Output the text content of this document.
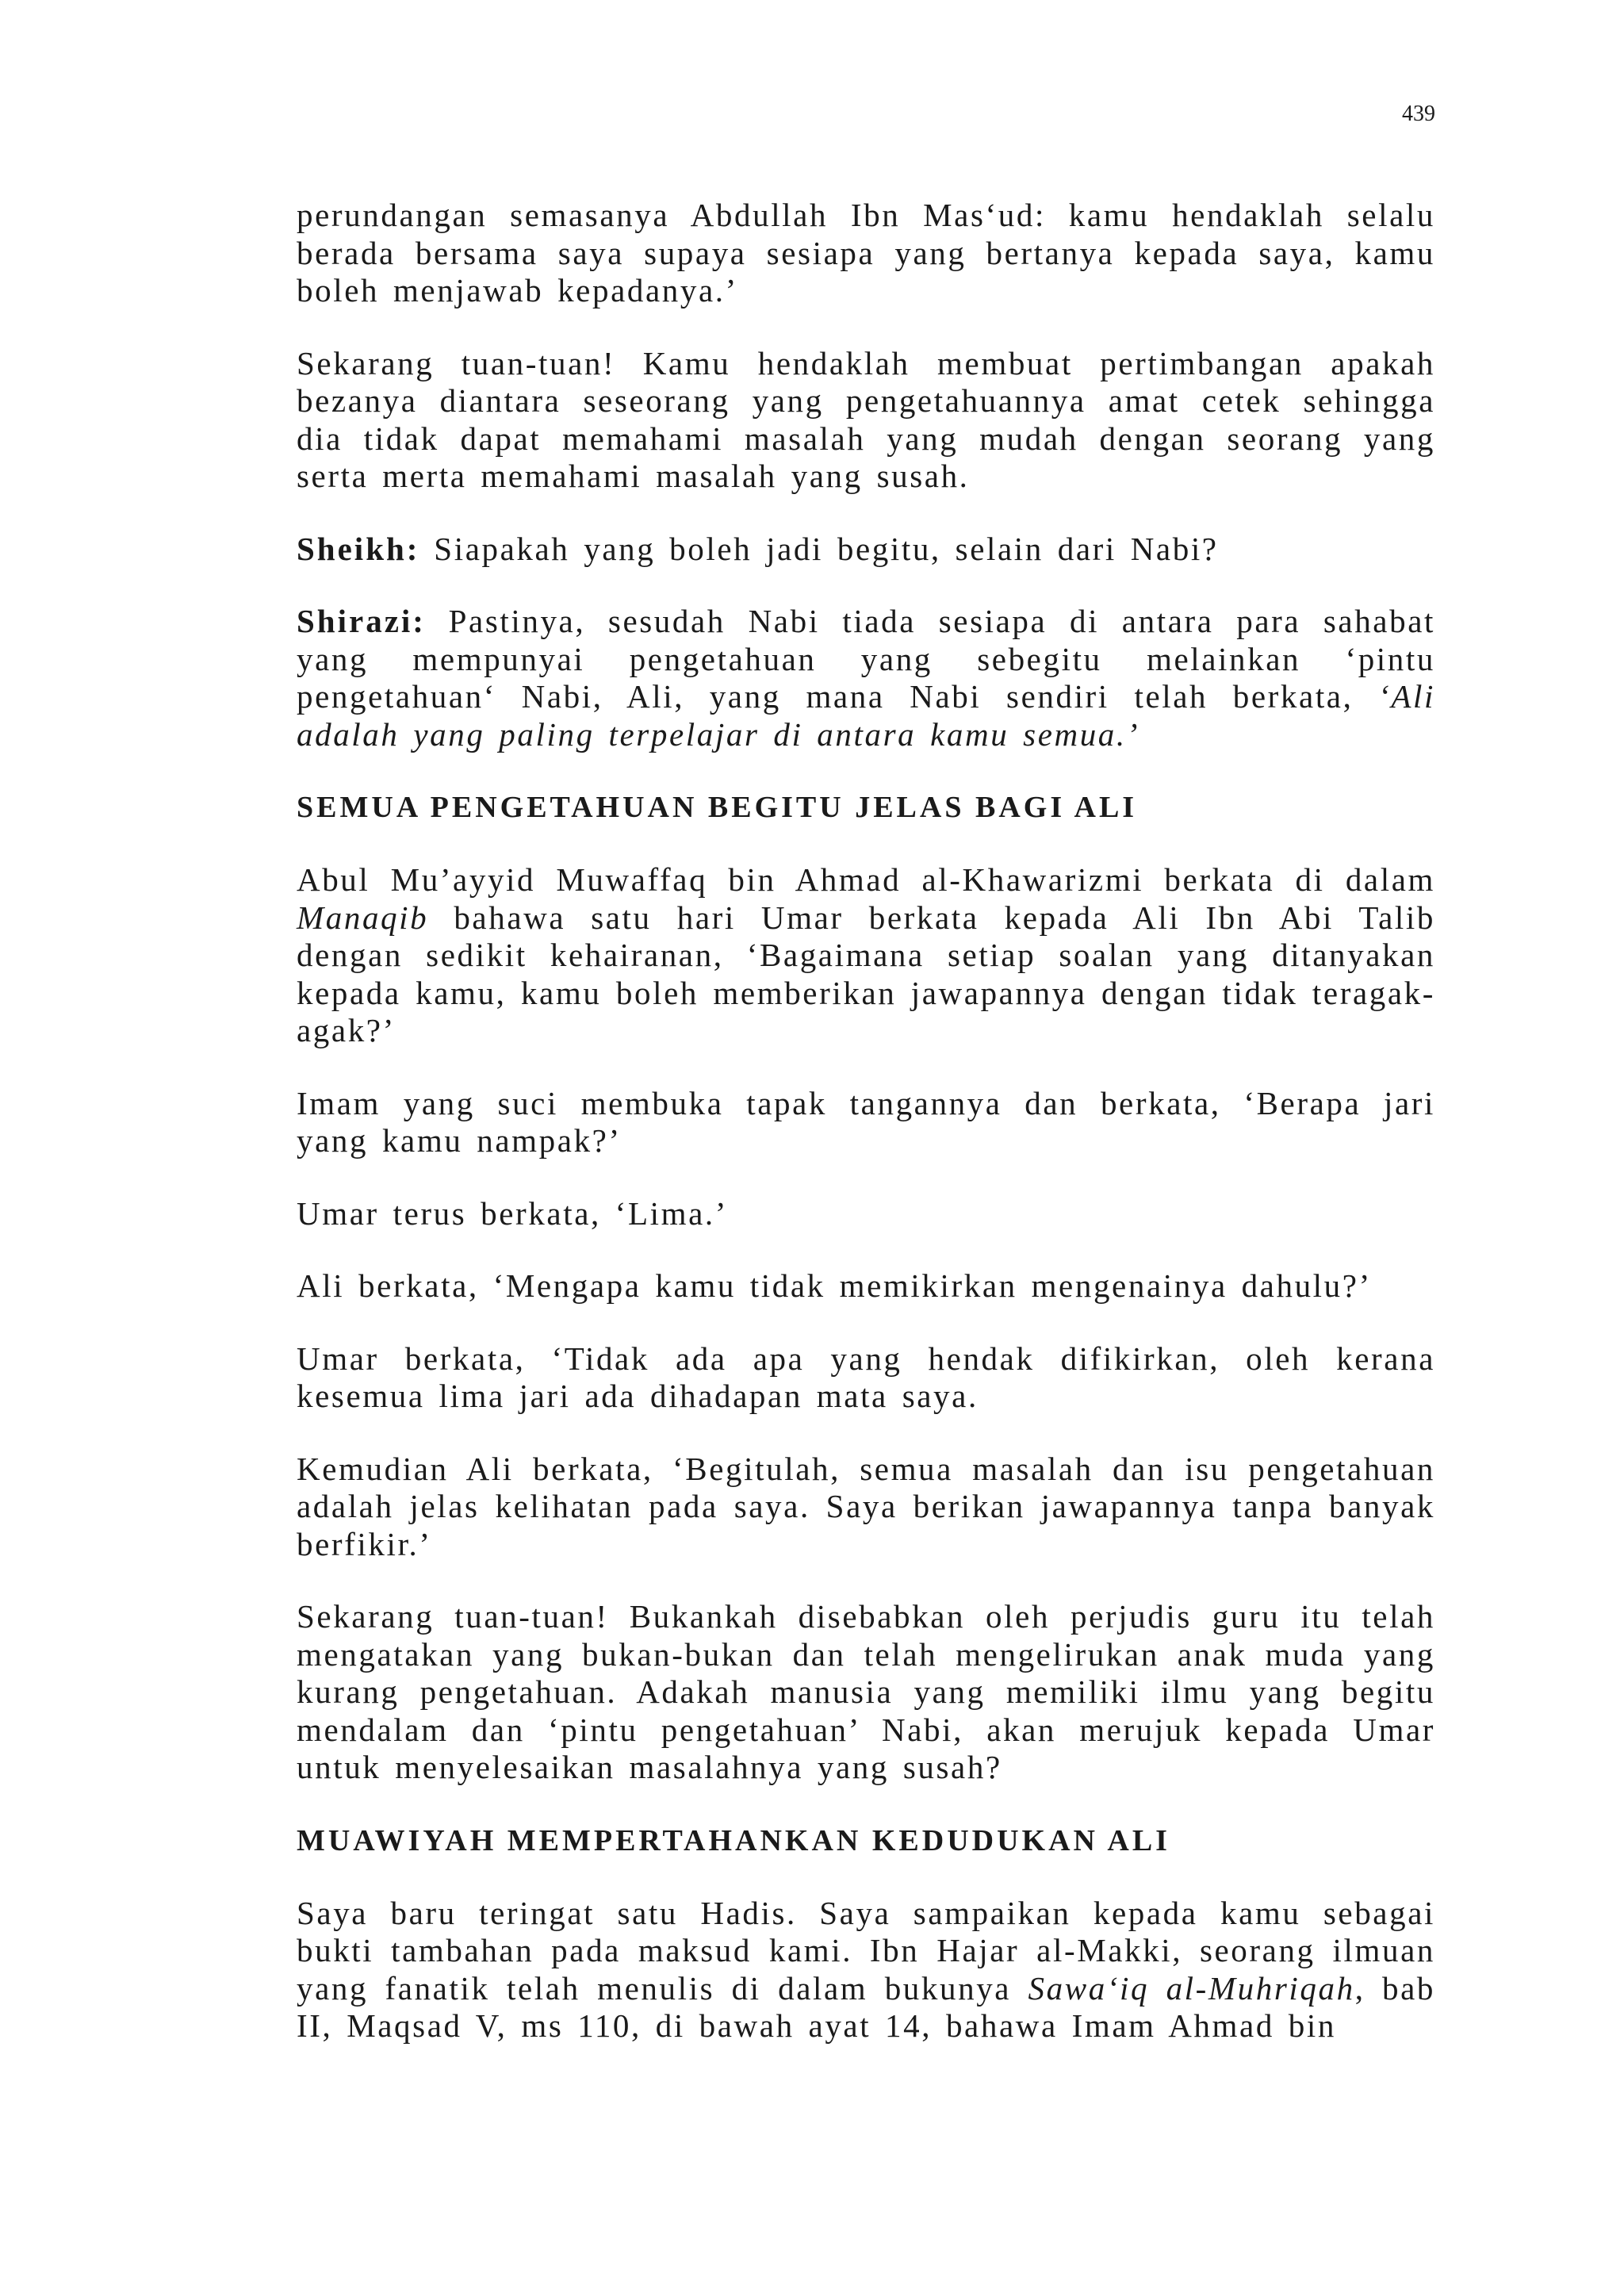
439

perundangan semasanya Abdullah Ibn Mas‘ud: kamu hendaklah selalu berada bersama saya supaya sesiapa yang bertanya kepada saya, kamu boleh menjawab kepadanya.’

Sekarang tuan-tuan! Kamu hendaklah membuat pertimbangan apakah bezanya diantara seseorang yang pengetahuannya amat cetek sehingga dia tidak dapat memahami masalah yang mudah dengan seorang yang serta merta memahami masalah yang susah.

Sheikh: Siapakah yang boleh jadi begitu, selain dari Nabi?

Shirazi: Pastinya, sesudah Nabi tiada sesiapa di antara para sahabat yang mempunyai pengetahuan yang sebegitu melainkan ‘pintu pengetahuan‘ Nabi, Ali, yang mana Nabi sendiri telah berkata, ‘Ali adalah yang paling terpelajar di antara kamu semua.’

SEMUA PENGETAHUAN BEGITU JELAS BAGI ALI

Abul Mu’ayyid Muwaffaq bin Ahmad al-Khawarizmi berkata di dalam Manaqib bahawa satu hari Umar berkata kepada Ali Ibn Abi Talib dengan sedikit kehairanan, ‘Bagaimana setiap soalan yang ditanyakan kepada kamu, kamu boleh memberikan jawapannya dengan tidak teragak-agak?’

Imam yang suci membuka tapak tangannya dan berkata, ‘Berapa jari yang kamu nampak?’

Umar terus berkata, ‘Lima.’

Ali berkata, ‘Mengapa kamu tidak memikirkan mengenainya dahulu?’

Umar berkata, ‘Tidak ada apa yang hendak difikirkan, oleh kerana kesemua lima jari ada dihadapan mata saya.

Kemudian Ali berkata, ‘Begitulah, semua masalah dan isu pengetahuan adalah jelas kelihatan pada saya. Saya berikan jawapannya tanpa banyak berfikir.’

Sekarang tuan-tuan! Bukankah disebabkan oleh perjudis guru itu telah mengatakan yang bukan-bukan dan telah mengelirukan anak muda yang kurang pengetahuan. Adakah manusia yang memiliki ilmu yang begitu mendalam dan ‘pintu pengetahuan’ Nabi, akan merujuk kepada Umar untuk menyelesaikan masalahnya yang susah?

MUAWIYAH MEMPERTAHANKAN KEDUDUKAN ALI

Saya baru teringat satu Hadis. Saya sampaikan kepada kamu sebagai bukti tambahan pada maksud kami. Ibn Hajar al-Makki, seorang ilmuan yang fanatik telah menulis di dalam bukunya Sawa‘iq al-Muhriqah, bab II, Maqsad V, ms 110, di bawah ayat 14, bahawa Imam Ahmad bin
